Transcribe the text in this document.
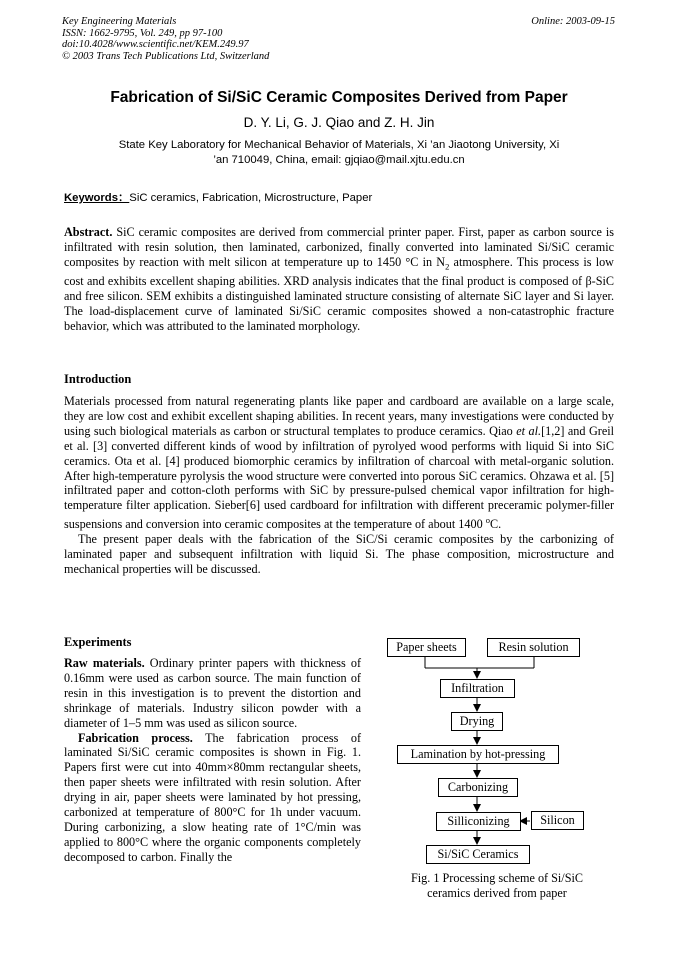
Key Engineering Materials
ISSN: 1662-9795, Vol. 249, pp 97-100
doi:10.4028/www.scientific.net/KEM.249.97
© 2003 Trans Tech Publications Ltd, Switzerland
Online: 2003-09-15
Fabrication of Si/SiC Ceramic Composites Derived from Paper
D. Y. Li, G. J. Qiao and Z. H. Jin
State Key Laboratory for Mechanical Behavior of Materials, Xi ’an Jiaotong University, Xi
’an 710049, China, email: gjqiao@mail.xjtu.edu.cn
Keywords：SiC ceramics, Fabrication, Microstructure, Paper

Abstract. SiC ceramic composites are derived from commercial printer paper. First, paper as carbon source is infiltrated with resin solution, then laminated, carbonized, finally converted into laminated Si/SiC ceramic composites by reaction with melt silicon at temperature up to 1450 °C in $N_2$ atmosphere. This process is low cost and exhibits excellent shaping abilities. XRD analysis indicates that the final product is composed of β-SiC and free silicon. SEM exhibits a distinguished laminated structure consisting of alternate SiC layer and Si layer. The load-displacement curve of laminated Si/SiC ceramic composites showed a non-catastrophic fracture behavior, which was attributed to the laminated morphology.

Introduction

Materials processed from natural regenerating plants like paper and cardboard are available on a large scale, they are low cost and exhibit excellent shaping abilities. In recent years, many investigations were conducted by using such biological materials as carbon or structural templates to produce ceramics. Qiao et al.[1,2] and Greil et al. [3] converted different kinds of wood by infiltration of pyrolyed wood performs with liquid Si into SiC ceramics. Ota et al. [4] produced biomorphic ceramics by infiltration of charcoal with metal-organic solution. After high-temperature pyrolysis the wood structure were converted into porous SiC ceramics. Ohzawa et al. [5] infiltrated paper and cotton-cloth performs with SiC by pressure-pulsed chemical vapor infiltration for high-temperature filter application. Sieber[6] used cardboard for infiltration with different preceramic polymer-filler suspensions and conversion into ceramic composites at the temperature of about 1400 $^o$C.

The present paper deals with the fabrication of the SiC/Si ceramic composites by the carbonizing of laminated paper and subsequent infiltration with liquid Si. The phase composition, microstructure and mechanical properties will be discussed.

Experiments

Raw materials. Ordinary printer papers with thickness of 0.16mm were used as carbon source. The main function of resin in this investigation is to prevent the distortion and shrinkage of materials. Industry silicon powder with a diameter of 1–5 mm was used as silicon source.

Fabrication process. The fabrication process of laminated Si/SiC ceramic composites is shown in Fig. 1. Papers first were cut into 40mm×80mm rectangular sheets, then paper sheets were infiltrated with resin solution. After drying in air, paper sheets were laminated by hot pressing, carbonized at temperature of 800°C for 1h under vacuum. During carbonizing, a slow heating rate of 1°C/min was applied to 800°C where the organic components completely decomposed to carbon. Finally the

Paper sheets	Resin solution
Infiltration
Drying
Lamination by hot-pressing
Carbonizing
Silliconizing	Silicon
Si/SiC Ceramics
Fig. 1 Processing scheme of Si/SiC
ceramics derived from paper
